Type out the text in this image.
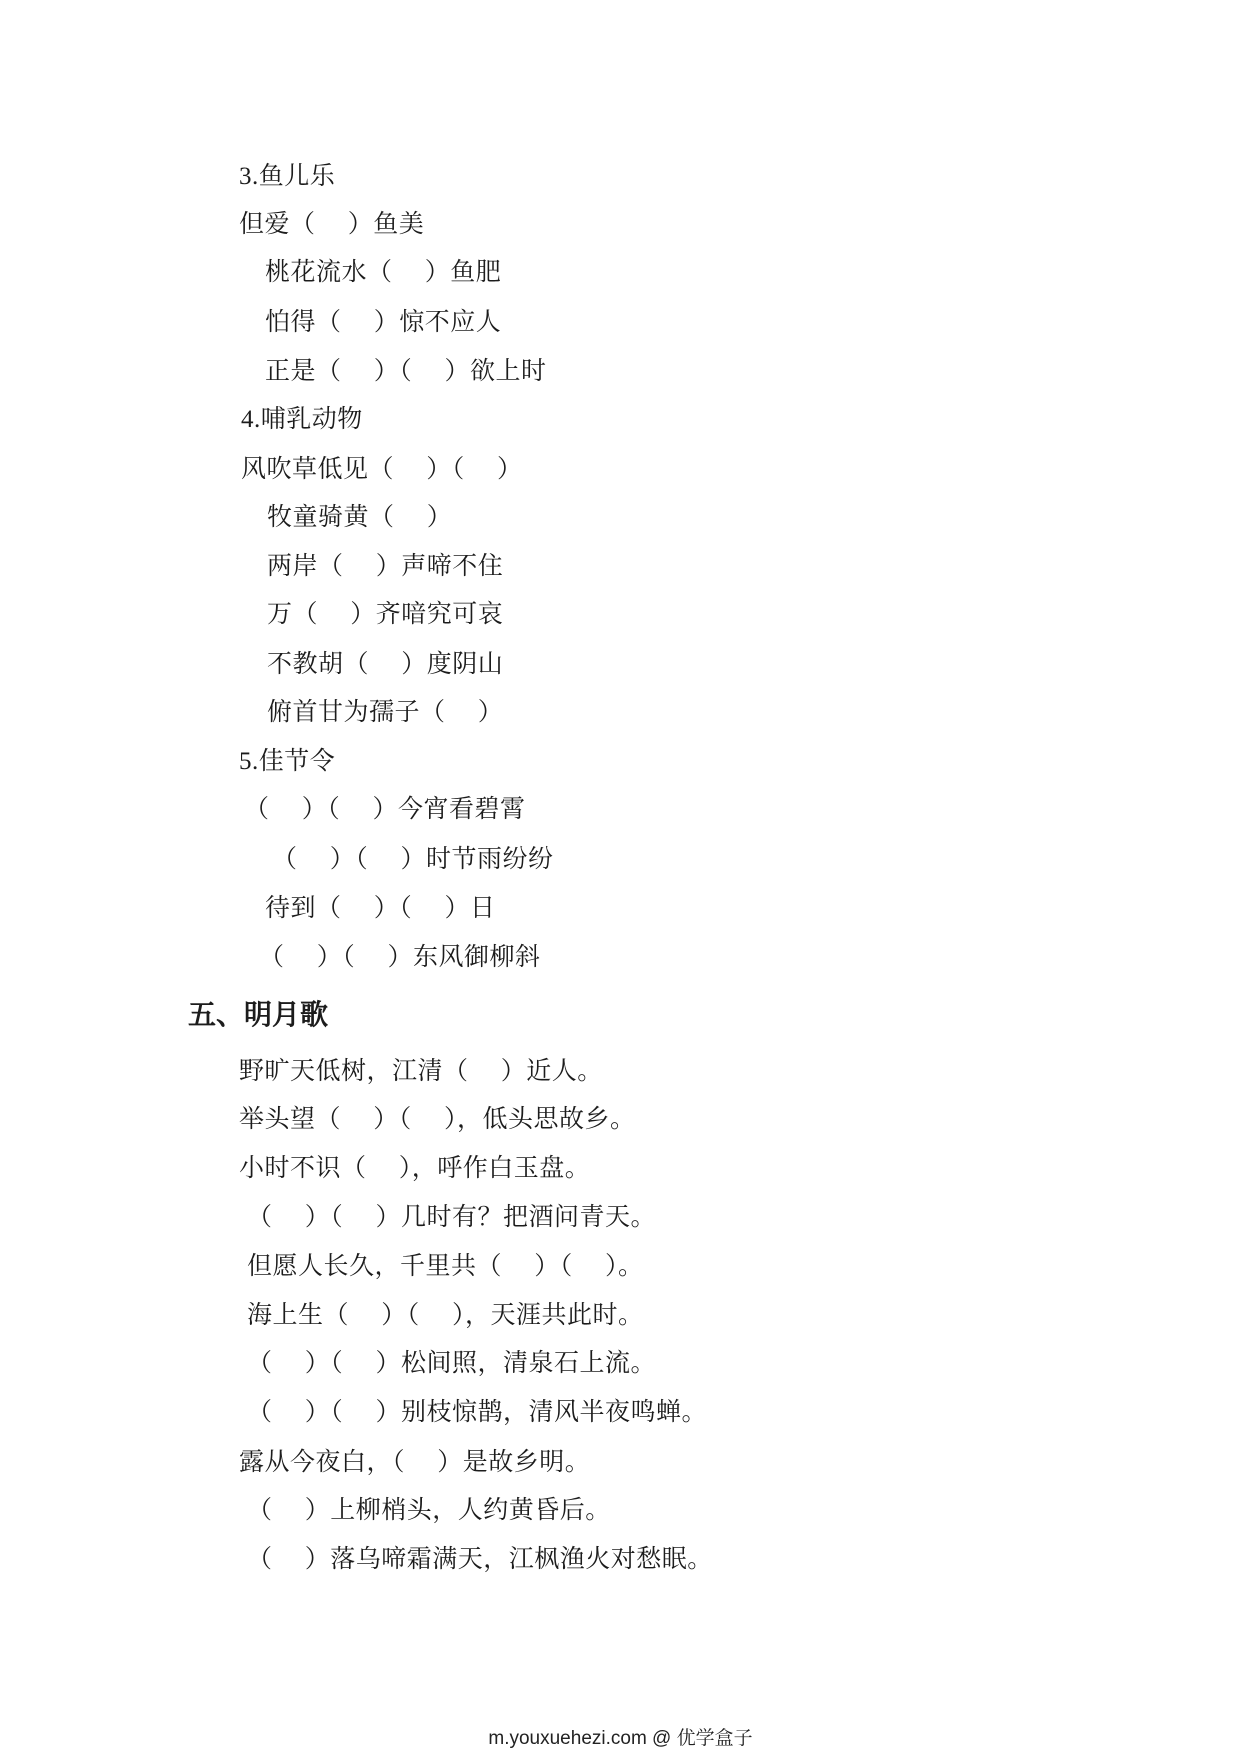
3.鱼儿乐
但爱（　 ）鱼美
桃花流水（　 ）鱼肥
怕得（　 ）惊不应人
正是（　 ）（　 ）欲上时
4.哺乳动物
风吹草低见（　 ）（　 ）
牧童骑黄（　 ）
两岸（　 ）声啼不住
万（　 ）齐喑究可哀
不教胡（　 ）度阴山
俯首甘为孺子（　 ）
5.佳节令
（　 ）（　 ）今宵看碧霄
（　 ）（　 ）时节雨纷纷
待到（　 ）（　 ）日
（　 ）（　 ）东风御柳斜
五、明月歌
野旷天低树，江清（　 ）近人。
举头望（　 ）（　 ），低头思故乡。
小时不识（　 ），呼作白玉盘。
（　 ）（　 ）几时有？把酒问青天。
但愿人长久，千里共（　 ）（　 ）。
海上生（　 ）（　 ），天涯共此时。
（　 ）（　 ）松间照，清泉石上流。
（　 ）（　 ）别枝惊鹊，清风半夜鸣蝉。
露从今夜白，（　 ）是故乡明。
（　 ）上柳梢头，人约黄昏后。
（　 ）落乌啼霜满天，江枫渔火对愁眠。
m.youxuehezi.com @ 优学盒子
